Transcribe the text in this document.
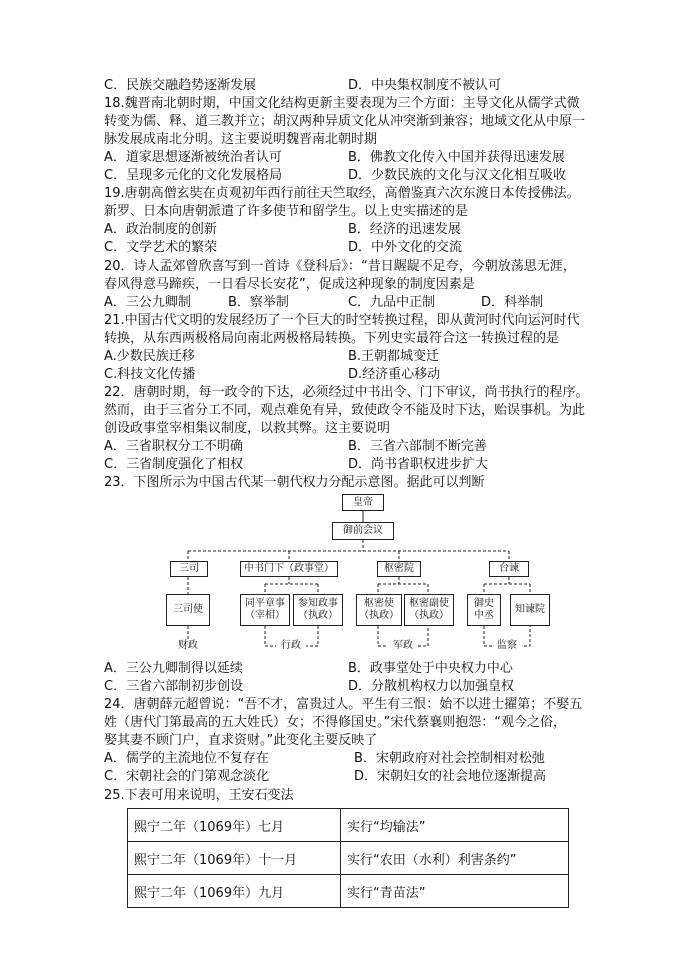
C．民族交融趋势逐渐发展	D．中央集权制度不被认可
18.魏晋南北朝时期，中国文化结构更新主要表现为三个方面：主导文化从儒学式微
转变为儒、释、道三教并立；胡汉两种异质文化从冲突渐到兼容；地域文化从中原一
脉发展成南北分明。这主要说明魏晋南北朝时期
A．道家思想逐渐被统治者认可	B．佛教文化传入中国并获得迅速发展
C．呈现多元化的文化发展格局	D．少数民族的文化与汉文化相互吸收
19.唐朝高僧玄奘在贞观初年西行前往天竺取经，高僧鉴真六次东渡日本传授佛法。
新罗、日本向唐朝派遣了许多使节和留学生。以上史实描述的是
A．政治制度的创新	B．经济的迅速发展
C．文学艺术的繁荣	D．中外文化的交流
20．诗人孟郊曾欣喜写到一首诗《登科后》：“昔日龌龊不足夸，今朝放荡思无涯，
春风得意马蹄疾，一日看尽长安花”，促成这种现象的制度因素是
A．三公九卿制	B．察举制	C．九品中正制	D．科举制
21.中国古代文明的发展经历了一个巨大的时空转换过程，即从黄河时代向运河时代
转换，从东西两极格局向南北两极格局转换。下列史实最符合这一转换过程的是
A.少数民族迁移	B.王朝都城变迁
C.科技文化传播	D.经济重心移动
22．唐朝时期，每一政令的下达，必须经过中书出令、门下审议，尚书执行的程序。
然而，由于三省分工不同，观点难免有异，致使政令不能及时下达，贻误事机。为此
创设政事堂宰相集议制度，以救其弊。这主要说明
A．三省职权分工不明确	B．三省六部制不断完善
C．三省制度强化了相权	D．尚书省职权进步扩大
23．下图所示为中国古代某一朝代权力分配示意图。据此可以判断
皇帝
御前会议
三司	中书门下（政事堂）	枢密院	台谏
三司使
同平章事
（宰相）
参知政事
（执政）
枢密使
（执政）
枢密副使
（执政）
御史
中丞
知谏院
财政	行政	军政	监察
A．三公九卿制得以延续	B．政事堂处于中央权力中心
C．三省六部制初步创设	D．分散机构权力以加强皇权
24．唐朝薛元超曾说：“吾不才，富贵过人。平生有三恨：始不以进士擢第；不娶五
姓（唐代门第最高的五大姓氏）女；不得修国史。”宋代蔡襄则抱怨：“观今之俗，
娶其妻不顾门户，直求资财。”此变化主要反映了
A．儒学的主流地位不复存在	B．宋朝政府对社会控制相对松弛
C．宋朝社会的门第观念淡化	D．宋朝妇女的社会地位逐渐提高
25.下表可用来说明，王安石变法
熙宁二年（1069年）七月	实行“均输法”
熙宁二年（1069年）十一月	实行“农田（水利）利害条约”
熙宁二年（1069年）九月	实行“青苗法”
